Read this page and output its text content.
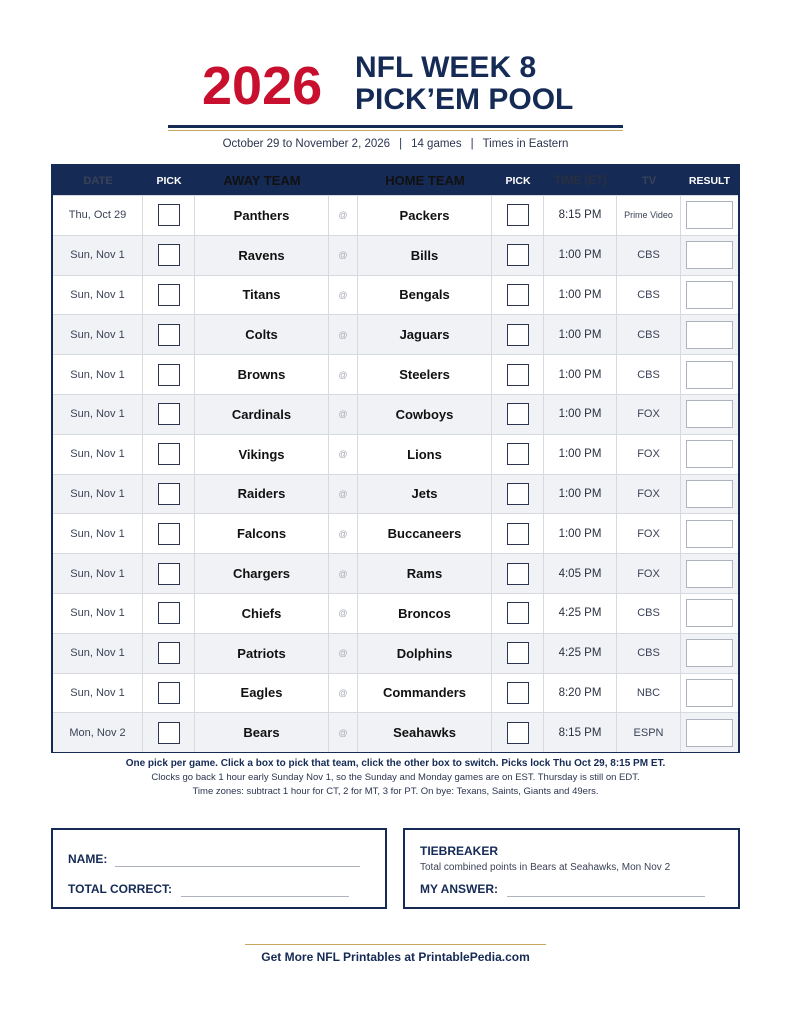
2026 NFL WEEK 8
PICK’EM POOL
October 29 to November 2, 2026 | 14 games | Times in Eastern
DATE	PICK	AWAY TEAM	HOME TEAM	PICK	TIME (ET)	TV	RESULT
Thu, Oct 29	Panthers	@	Packers	8:15 PM	Prime Video
Sun, Nov 1	Ravens	@	Bills	1:00 PM	CBS
Sun, Nov 1	Titans	@	Bengals	1:00 PM	CBS
Sun, Nov 1	Colts	@	Jaguars	1:00 PM	CBS
Sun, Nov 1	Browns	@	Steelers	1:00 PM	CBS
Sun, Nov 1	Cardinals	@	Cowboys	1:00 PM	FOX
Sun, Nov 1	Vikings	@	Lions	1:00 PM	FOX
Sun, Nov 1	Raiders	@	Jets	1:00 PM	FOX
Sun, Nov 1	Falcons	@	Buccaneers	1:00 PM	FOX
Sun, Nov 1	Chargers	@	Rams	4:05 PM	FOX
Sun, Nov 1	Chiefs	@	Broncos	4:25 PM	CBS
Sun, Nov 1	Patriots	@	Dolphins	4:25 PM	CBS
Sun, Nov 1	Eagles	@	Commanders	8:20 PM	NBC
Mon, Nov 2	Bears	@	Seahawks	8:15 PM	ESPN
One pick per game. Click a box to pick that team, click the other box to switch. Picks lock Thu Oct 29, 8:15 PM ET.
Clocks go back 1 hour early Sunday Nov 1, so the Sunday and Monday games are on EST. Thursday is still on EDT.
Time zones: subtract 1 hour for CT, 2 for MT, 3 for PT. On bye: Texans, Saints, Giants and 49ers.
NAME:
TOTAL CORRECT:
TIEBREAKER
Total combined points in Bears at Seahawks, Mon Nov 2
MY ANSWER:
Get More NFL Printables at PrintablePedia.com
